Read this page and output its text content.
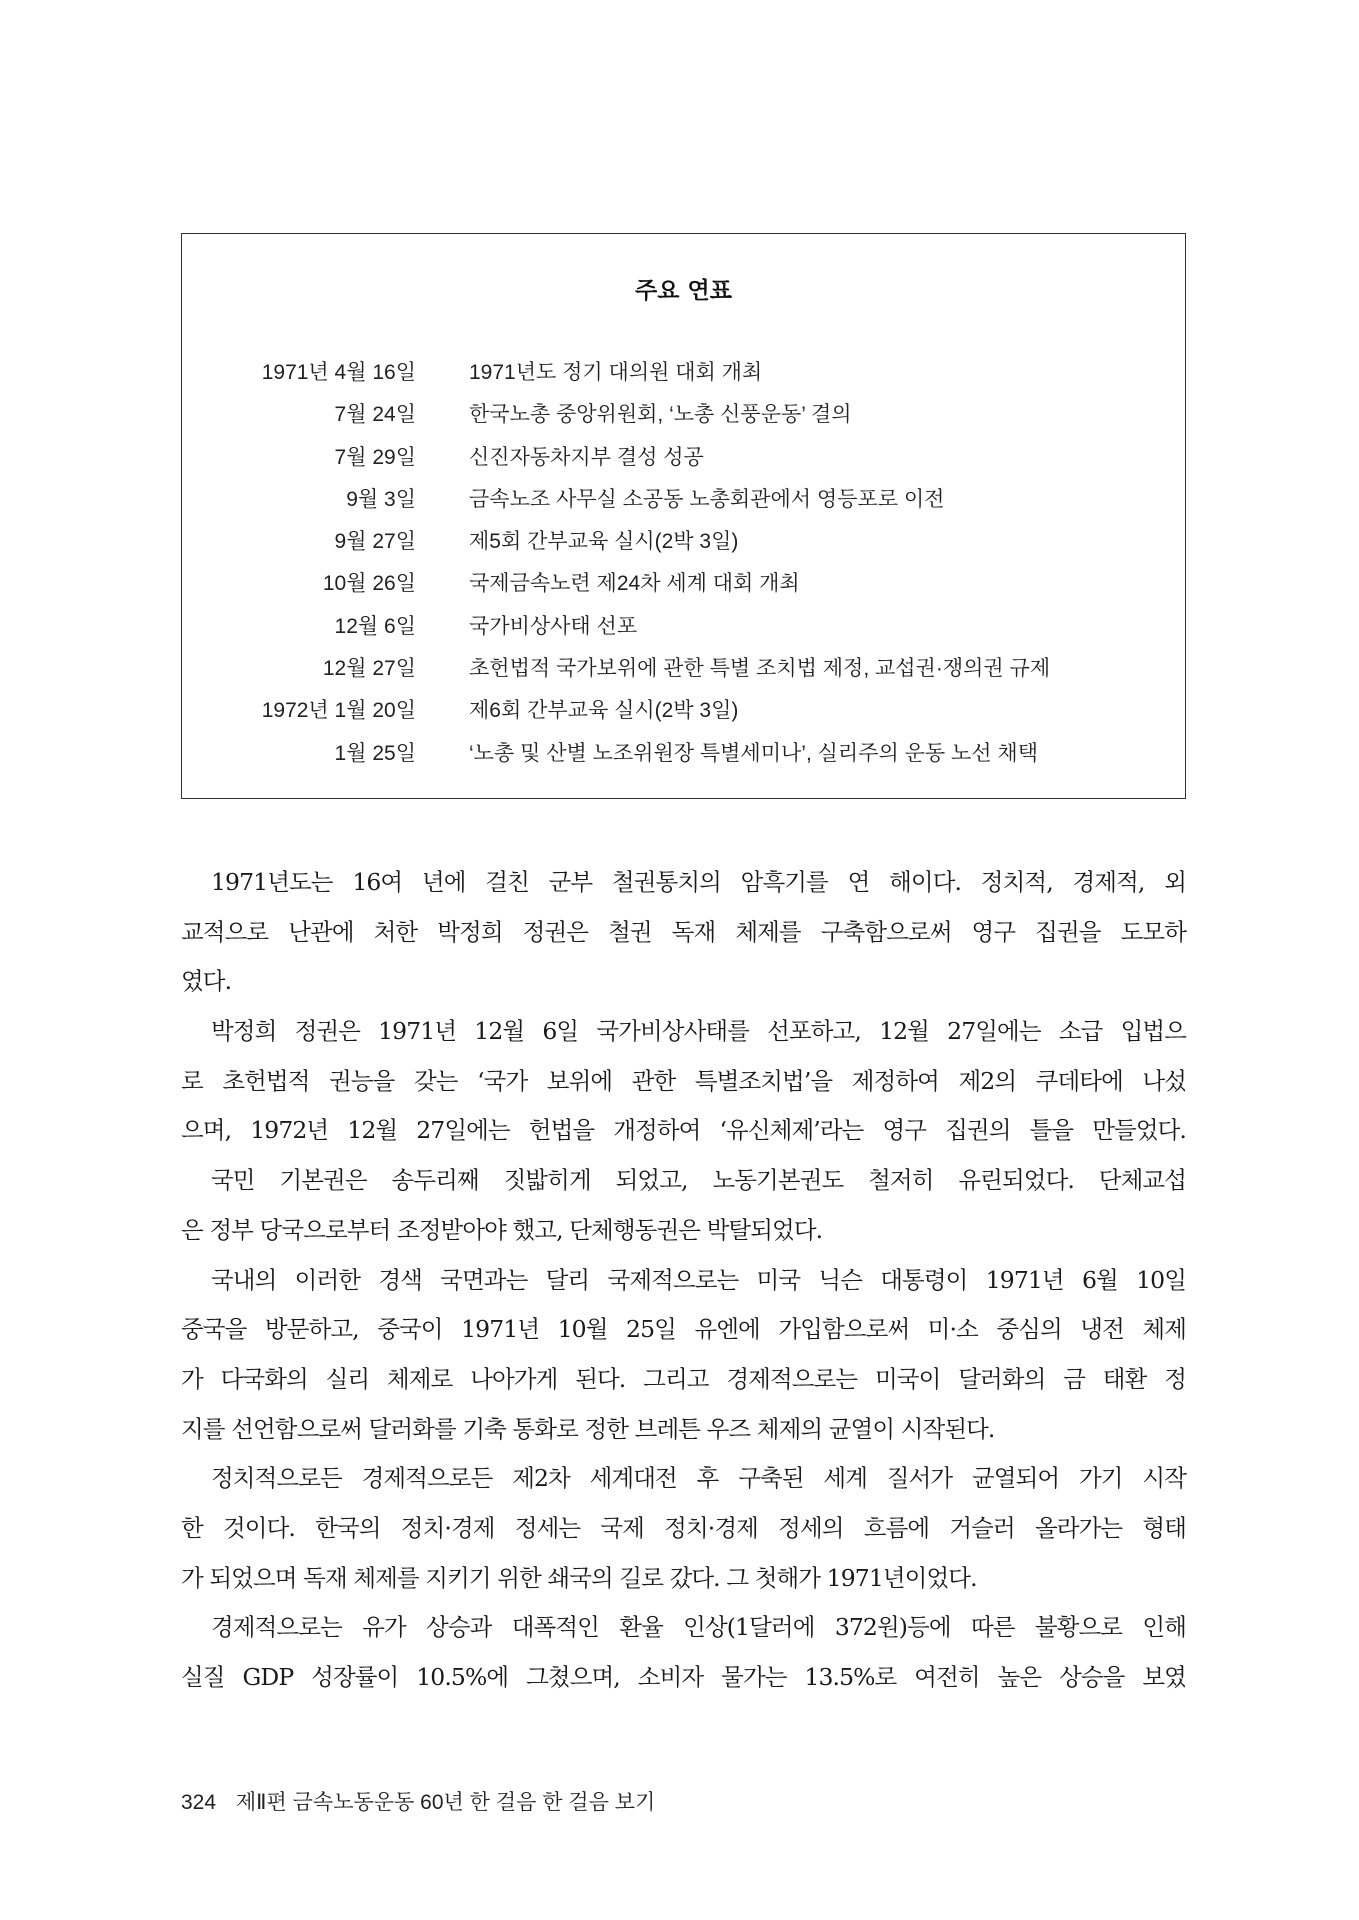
주요 연표
1971년 4월 16일	1971년도 정기 대의원 대회 개최
7월 24일	한국노총 중앙위원회, ‘노총 신풍운동’ 결의
7월 29일	신진자동차지부 결성 성공
9월 3일	금속노조 사무실 소공동 노총회관에서 영등포로 이전
9월 27일	제5회 간부교육 실시(2박 3일)
10월 26일	국제금속노련 제24차 세계 대회 개최
12월 6일	국가비상사태 선포
12월 27일	초헌법적 국가보위에 관한 특별 조치법 제정, 교섭권·쟁의권 규제
1972년 1월 20일	제6회 간부교육 실시(2박 3일)
1월 25일	‘노총 및 산별 노조위원장 특별세미나’, 실리주의 운동 노선 채택
1971년도는 16여 년에 걸친 군부 철권통치의 암흑기를 연 해이다. 정치적, 경제적, 외
교적으로 난관에 처한 박정희 정권은 철권 독재 체제를 구축함으로써 영구 집권을 도모하
였다.
박정희 정권은 1971년 12월 6일 국가비상사태를 선포하고, 12월 27일에는 소급 입법으
로 초헌법적 권능을 갖는 ‘국가 보위에 관한 특별조치법’을 제정하여 제2의 쿠데타에 나섰
으며, 1972년 12월 27일에는 헌법을 개정하여 ‘유신체제’라는 영구 집권의 틀을 만들었다.
국민 기본권은 송두리째 짓밟히게 되었고, 노동기본권도 철저히 유린되었다. 단체교섭
은 정부 당국으로부터 조정받아야 했고, 단체행동권은 박탈되었다.
국내의 이러한 경색 국면과는 달리 국제적으로는 미국 닉슨 대통령이 1971년 6월 10일
중국을 방문하고, 중국이 1971년 10월 25일 유엔에 가입함으로써 미·소 중심의 냉전 체제
가 다국화의 실리 체제로 나아가게 된다. 그리고 경제적으로는 미국이 달러화의 금 태환 정
지를 선언함으로써 달러화를 기축 통화로 정한 브레튼 우즈 체제의 균열이 시작된다.
정치적으로든 경제적으로든 제2차 세계대전 후 구축된 세계 질서가 균열되어 가기 시작
한 것이다. 한국의 정치·경제 정세는 국제 정치·경제 정세의 흐름에 거슬러 올라가는 형태
가 되었으며 독재 체제를 지키기 위한 쇄국의 길로 갔다. 그 첫해가 1971년이었다.
경제적으로는 유가 상승과 대폭적인 환율 인상(1달러에 372원)등에 따른 불황으로 인해
실질 GDP 성장률이 10.5%에 그쳤으며, 소비자 물가는 13.5%로 여전히 높은 상승을 보였
324 제Ⅱ편 금속노동운동 60년 한 걸음 한 걸음 보기
